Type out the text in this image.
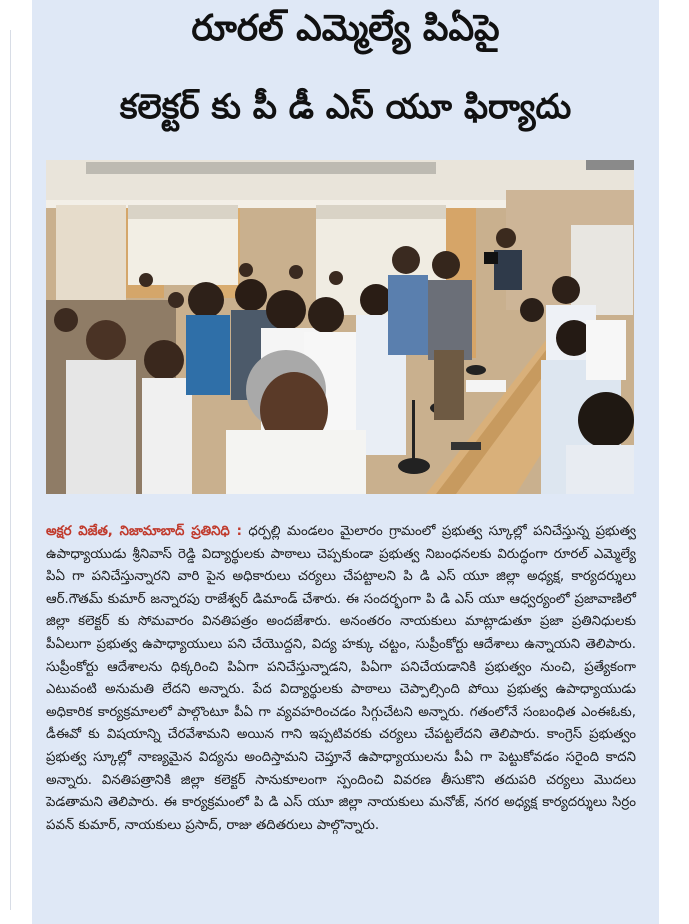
రూరల్ ఎమ్మెల్యే పిఏపై
కలెక్టర్ కు పీ డీ ఎస్ యూ ఫిర్యాదు

అక్షర విజేత, నిజామాబాద్ ప్రతినిధి : ధర్పల్లి మండలం మైలారం గ్రామంలో ప్రభుత్వ స్కూల్లో పనిచేస్తున్న ప్రభుత్వ ఉపాధ్యాయుడు శ్రీనివాస్ రెడ్డి విద్యార్థులకు పాఠాలు చెప్పకుండా ప్రభుత్వ నిబంధనలకు విరుద్ధంగా రూరల్ ఎమ్మెల్యే పిఏ గా పనిచేస్తున్నారని వారి పైన అధికారులు చర్యలు చేపట్టాలని పి డి ఎస్ యూ జిల్లా అధ్యక్ష, కార్యదర్శులు ఆర్.గౌతమ్ కుమార్ జన్నారపు రాజేశ్వర్ డిమాండ్ చేశారు. ఈ సందర్భంగా పి డి ఎస్ యూ ఆధ్వర్యంలో ప్రజావాణిలో జిల్లా కలెక్టర్ కు సోమవారం వినతిపత్రం అందజేశారు. అనంతరం నాయకులు మాట్లాడుతూ ప్రజా ప్రతినిధులకు పీఏలుగా ప్రభుత్వ ఉపాధ్యాయులు పని చేయొద్దని, విద్య హక్కు చట్టం, సుప్రీంకోర్టు ఆదేశాలు ఉన్నాయని తెలిపారు. సుప్రీంకోర్టు ఆదేశాలను ధిక్కరించి పిఏగా పనిచేస్తున్నాడని, పిఏగా పనిచేయడానికి ప్రభుత్వం నుంచి, ప్రత్యేకంగా ఎటువంటి అనుమతి లేదని అన్నారు. పేద విద్యార్థులకు పాఠాలు చెప్పాల్సింది పోయి ప్రభుత్వ ఉపాధ్యాయుడు అధికారిక కార్యక్రమాలలో పాల్గొంటూ పీఏ గా వ్యవహరించడం సిగ్గుచేటని అన్నారు. గతంలోనే సంబంధిత ఎంఈఓకు, డీఈవో కు విషయాన్ని చేరవేశామని అయిన గాని ఇప్పటివరకు చర్యలు చేపట్టలేదని తెలిపారు. కాంగ్రెస్ ప్రభుత్వం ప్రభుత్వ స్కూల్లో నాణ్యమైన విద్యను అందిస్తామని చెప్తూనే ఉపాధ్యాయులను పీఏ గా పెట్టుకోవడం సరైంది కాదని అన్నారు. వినతిపత్రానికి జిల్లా కలెక్టర్ సానుకూలంగా స్పందించి వివరణ తీసుకొని తదుపరి చర్యలు మొదలు పెడతామని తెలిపారు. ఈ కార్యక్రమంలో పి డి ఎస్ యూ జిల్లా నాయకులు మనోజ్, నగర అధ్యక్ష కార్యదర్శులు సిర్రం పవన్ కుమార్, నాయకులు ప్రసాద్, రాజు తదితరులు పాల్గొన్నారు.
